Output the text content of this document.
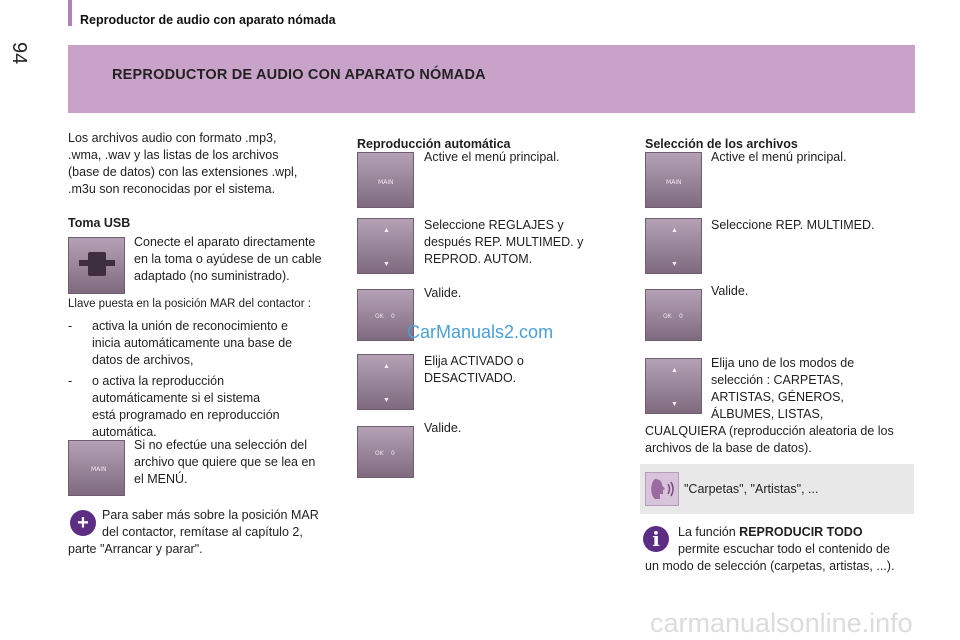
94
Reproductor de audio con aparato nómada
REPRODUCTOR DE AUDIO CON APARATO NÓMADA
Los archivos audio con formato .mp3,
.wma, .wav y las listas de los archivos
(base de datos) con las extensiones .wpl,
.m3u son reconocidas por el sistema.
Toma USB
Conecte el aparato directamente
en la toma o ayúdese de un cable
adaptado (no suministrado).
Llave puesta en la posición MAR del contactor :
- activa la unión de reconocimiento e
inicia automáticamente una base de
datos de archivos,
- o activa la reproducción
automáticamente si el sistema
está programado en reproducción
automática.
MAIN
Si no efectúe una selección del
archivo que quiere que se lea en
el MENÚ.
+	Para saber más sobre la posición MAR
del contactor, remítase al capítulo 2,
parte "Arrancar y parar".
Reproducción automática
MAIN
Active el menú principal.
▲
▼
Seleccione REGLAJES y
después REP. MULTIMED. y
REPROD. AUTOM.
OK 0
Valide.
▲
▼
Elija ACTIVADO o
DESACTIVADO.
OK 0
Valide.
Selección de los archivos
MAIN
Active el menú principal.
▲
▼
Seleccione REP. MULTIMED.
OK 0
Valide.
▲
▼
Elija uno de los modos de
selección : CARPETAS,
ARTISTAS, GÉNEROS,
ÁLBUMES, LISTAS,
CUALQUIERA (reproducción aleatoria de los
archivos de la base de datos).
"Carpetas", "Artistas", ...
i	La función REPRODUCIR TODO
permite escuchar todo el contenido de
un modo de selección (carpetas, artistas, ...).
CarManuals2.com
carmanualsonline.info
